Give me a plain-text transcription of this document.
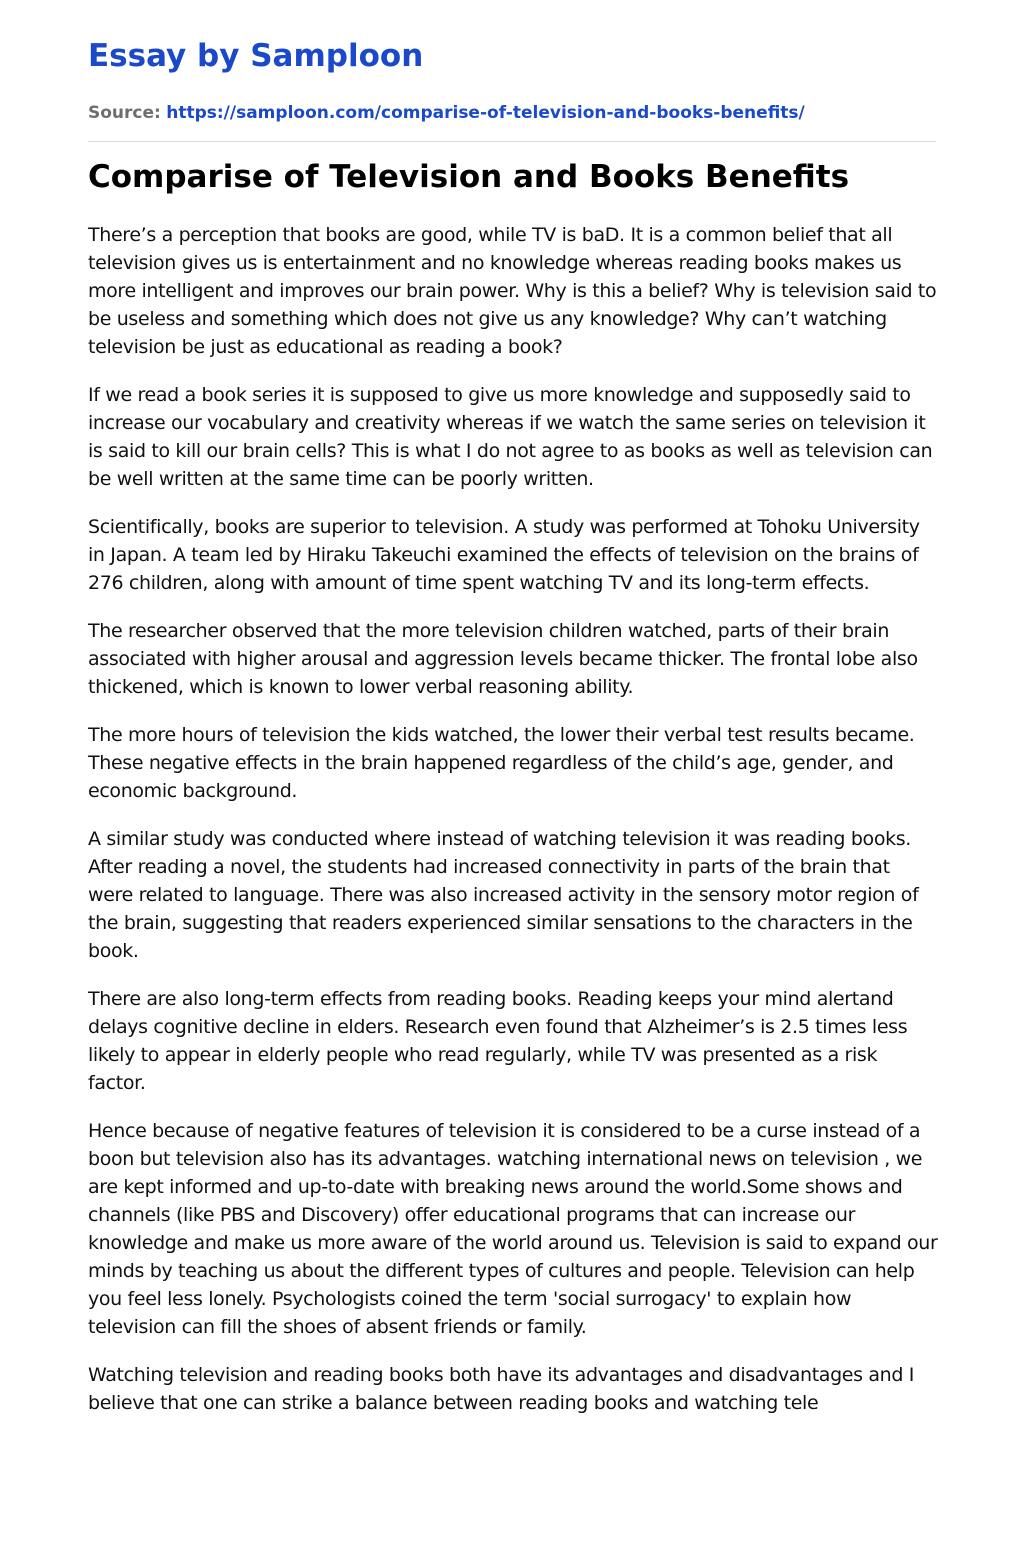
Essay by Samploon
Source: https://samploon.com/comparise-of-television-and-books-benefits/
Comparise of Television and Books Benefits

There’s a perception that books are good, while TV is baD. It is a common belief that all television gives us is entertainment and no knowledge whereas reading books makes us more intelligent and improves our brain power. Why is this a belief? Why is television said to be useless and something which does not give us any knowledge? Why can’t watching television be just as educational as reading a book?

If we read a book series it is supposed to give us more knowledge and supposedly said to increase our vocabulary and creativity whereas if we watch the same series on television it is said to kill our brain cells? This is what I do not agree to as books as well as television can be well written at the same time can be poorly written.

Scientifically, books are superior to television. A study was performed at Tohoku University in Japan. A team led by Hiraku Takeuchi examined the effects of television on the brains of 276 children, along with amount of time spent watching TV and its long-term effects.

The researcher observed that the more television children watched, parts of their brain associated with higher arousal and aggression levels became thicker. The frontal lobe also thickened, which is known to lower verbal reasoning ability.

The more hours of television the kids watched, the lower their verbal test results became. These negative effects in the brain happened regardless of the child’s age, gender, and economic background.

A similar study was conducted where instead of watching television it was reading books. After reading a novel, the students had increased connectivity in parts of the brain that were related to language. There was also increased activity in the sensory motor region of the brain, suggesting that readers experienced similar sensations to the characters in the book.

There are also long-term effects from reading books. Reading keeps your mind alertand delays cognitive decline in elders. Research even found that Alzheimer’s is 2.5 times less likely to appear in elderly people who read regularly, while TV was presented as a risk factor.

Hence because of negative features of television it is considered to be a curse instead of a boon but television also has its advantages. watching international news on television , we are kept informed and up-to-date with breaking news around the world.Some shows and channels (like PBS and Discovery) offer educational programs that can increase our knowledge and make us more aware of the world around us. Television is said to expand our minds by teaching us about the different types of cultures and people. Television can help you feel less lonely. Psychologists coined the term 'social surrogacy' to explain how television can fill the shoes of absent friends or family.

Watching television and reading books both have its advantages and disadvantages and I believe that one can strike a balance between reading books and watching tele
